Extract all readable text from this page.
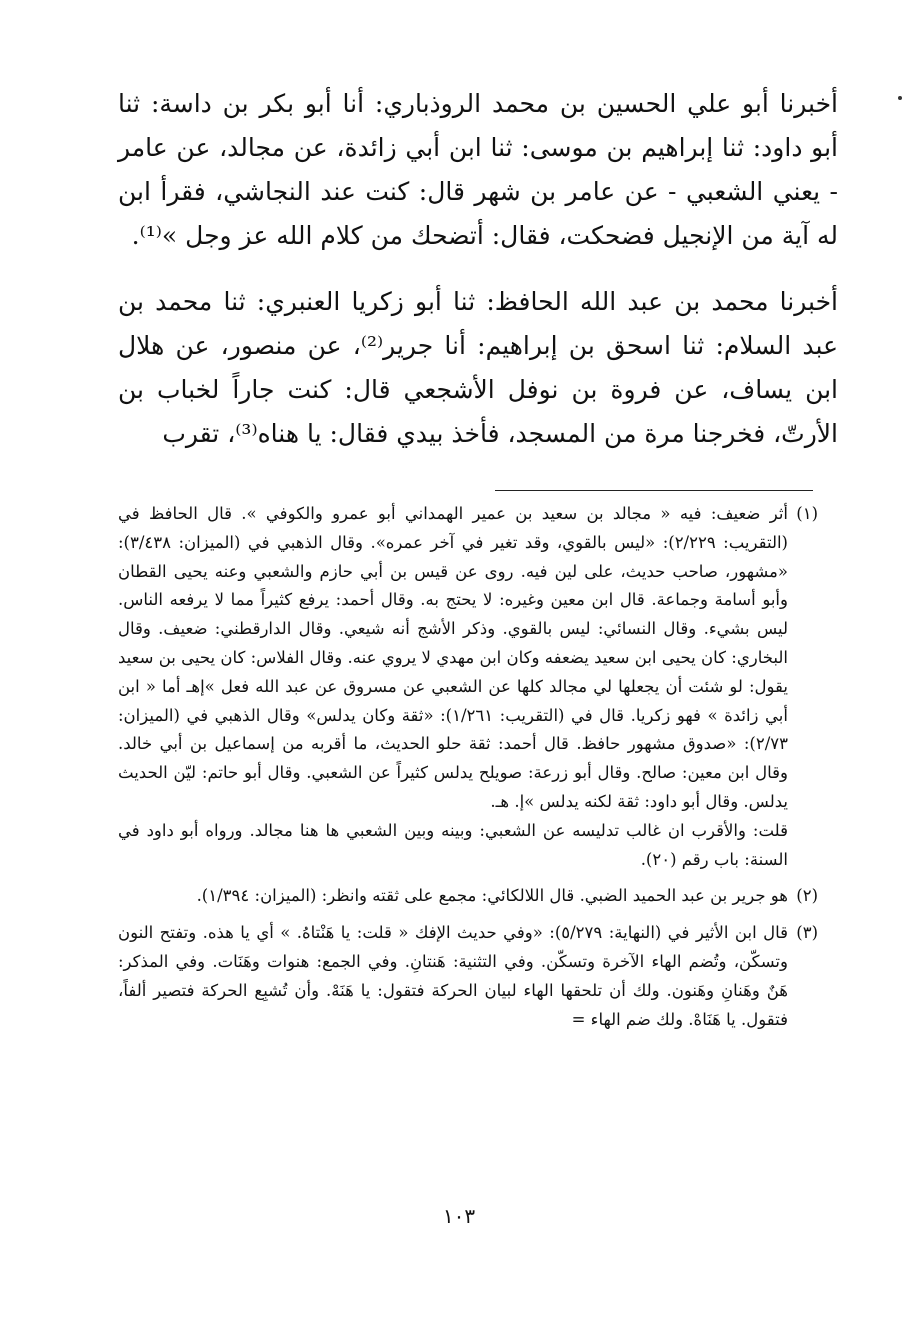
أخبرنا أبو علي الحسين بن محمد الروذباري: أنا أبو بكر بن داسة: ثنا أبو داود: ثنا إبراهيم بن موسى: ثنا ابن أبي زائدة، عن مجالد، عن عامر - يعني الشعبي - عن عامر بن شهر قال: كنت عند النجاشي، فقرأ ابن له آية من الإنجيل فضحكت، فقال: أتضحك من كلام الله عز وجل »⁽¹⁾.

أخبرنا محمد بن عبد الله الحافظ: ثنا أبو زكريا العنبري: ثنا محمد بن عبد السلام: ثنا اسحق بن إبراهيم: أنا جرير⁽²⁾، عن منصور، عن هلال ابن يساف، عن فروة بن نوفل الأشجعي قال: كنت جاراً لخباب بن الأرتّ، فخرجنا مرة من المسجد، فأخذ بيدي فقال: يا هناه⁽³⁾، تقرب

(١)
أثر ضعيف: فيه « مجالد بن سعيد بن عمير الهمداني أبو عمرو والكوفي ». قال الحافظ في (التقريب: ٢/٢٢٩): «ليس بالقوي، وقد تغير في آخر عمره». وقال الذهبي في (الميزان: ٣/٤٣٨): «مشهور، صاحب حديث، على لين فيه. روى عن قيس بن أبي حازم والشعبي وعنه يحيى القطان وأبو أسامة وجماعة. قال ابن معين وغيره: لا يحتج به. وقال أحمد: يرفع كثيراً مما لا يرفعه الناس. ليس بشيء. وقال النسائي: ليس بالقوي. وذكر الأشج أنه شيعي. وقال الدارقطني: ضعيف. وقال البخاري: كان يحيى ابن سعيد يضعفه وكان ابن مهدي لا يروي عنه. وقال الفلاس: كان يحيى بن سعيد يقول: لو شئت أن يجعلها لي مجالد كلها عن الشعبي عن مسروق عن عبد الله فعل »إهـ أما « ابن أبي زائدة » فهو زكريا. قال في (التقريب: ١/٢٦١): «ثقة وكان يدلس» وقال الذهبي في (الميزان: ٢/٧٣): «صدوق مشهور حافظ. قال أحمد: ثقة حلو الحديث، ما أقربه من إسماعيل بن أبي خالد. وقال ابن معين: صالح. وقال أبو زرعة: صويلح يدلس كثيراً عن الشعبي. وقال أبو حاتم: ليّن الحديث يدلس. وقال أبو داود: ثقة لكنه يدلس »إ. هـ.
قلت: والأقرب ان غالب تدليسه عن الشعبي: وبينه وبين الشعبي ها هنا مجالد. ورواه أبو داود في السنة: باب رقم (٢٠).
(٢)
هو جرير بن عبد الحميد الضبي. قال اللالكائي: مجمع على ثقته وانظر: (الميزان: ١/٣٩٤).
(٣)
قال ابن الأثير في (النهاية: ٥/٢٧٩): «وفي حديث الإفك « قلت: يا هَنْتاهُ. » أي يا هذه. وتفتح النون وتسكّن، وتُضم الهاء الآخرة وتسكّن. وفي التثنية: هَنتانِ. وفي الجمع: هنوات وهَنَات. وفي المذكر: هَنٌ وهَنانِ وهَنون. ولك أن تلحقها الهاء لبيان الحركة فتقول: يا هَنَهْ. وأن تُشبِع الحركة فتصير ألفاً، فتقول. يا هَنَاهْ. ولك ضم الهاء =
١٠٣
